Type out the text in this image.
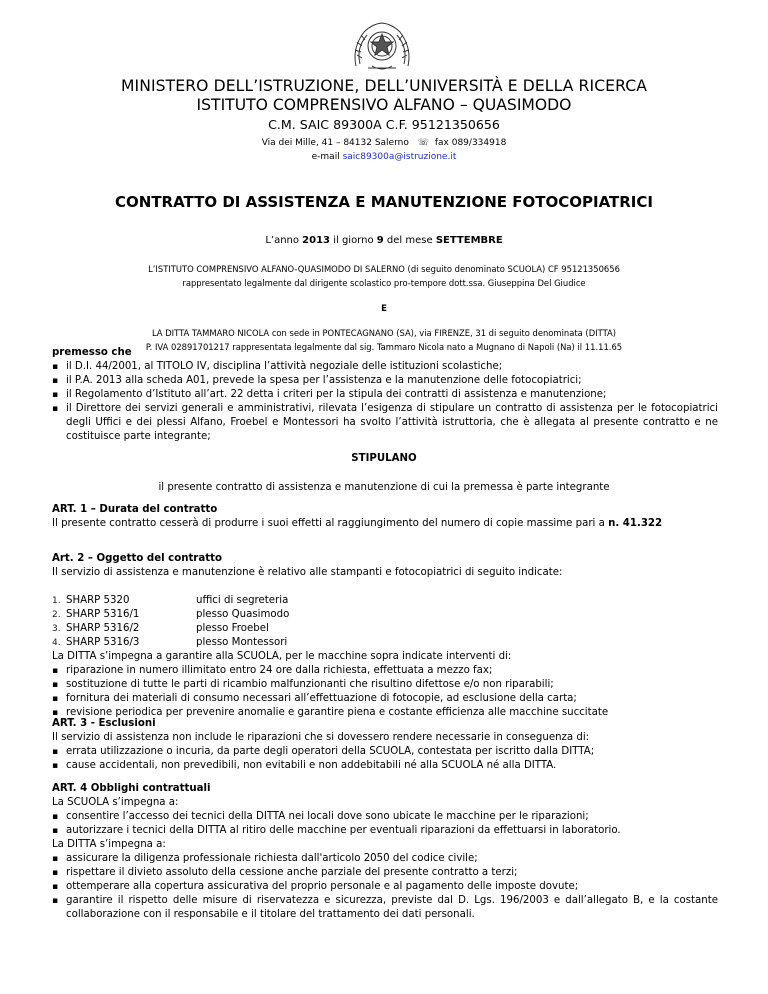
MINISTERO DELL’ISTRUZIONE, DELL’UNIVERSITÀ E DELLA RICERCA
ISTITUTO COMPRENSIVO ALFANO – QUASIMODO
C.M. SAIC 89300A C.F. 95121350656
Via dei Mille, 41 – 84132 Salerno ☏ fax 089/334918
e-mail saic89300a@istruzione.it
CONTRATTO DI ASSISTENZA E MANUTENZIONE FOTOCOPIATRICI
L’anno 2013 il giorno 9 del mese SETTEMBRE
L’ISTITUTO COMPRENSIVO ALFANO-QUASIMODO DI SALERNO (di seguito denominato SCUOLA) CF 95121350656
rappresentato legalmente dal dirigente scolastico pro-tempore dott.ssa. Giuseppina Del Giudice
E
LA DITTA TAMMARO NICOLA con sede in PONTECAGNANO (SA), via FIRENZE, 31 di seguito denominata (DITTA)
P. IVA 02891701217 rappresentata legalmente dal sig. Tammaro Nicola nato a Mugnano di Napoli (Na) il 11.11.65
premesso che
▪ il D.I. 44/2001, al TITOLO IV, disciplina l’attività negoziale delle istituzioni scolastiche;
▪ il P.A. 2013 alla scheda A01, prevede la spesa per l’assistenza e la manutenzione delle fotocopiatrici;
▪ il Regolamento d’Istituto all’art. 22 detta i criteri per la stipula dei contratti di assistenza e manutenzione;
▪ il Direttore dei servizi generali e amministrativi, rilevata l’esigenza di stipulare un contratto di assistenza per le fotocopiatrici degli Uffici e dei plessi Alfano, Froebel e Montessori ha svolto l’attività istruttoria, che è allegata al presente contratto e ne costituisce parte integrante;
STIPULANO
il presente contratto di assistenza e manutenzione di cui la premessa è parte integrante
ART. 1 – Durata del contratto
Il presente contratto cesserà di produrre i suoi effetti al raggiungimento del numero di copie massime pari a n. 41.322
Art. 2 – Oggetto del contratto
Il servizio di assistenza e manutenzione è relativo alle stampanti e fotocopiatrici di seguito indicate:
1. SHARP 5320	uffici di segreteria
2. SHARP 5316/1	plesso Quasimodo
3. SHARP 5316/2	plesso Froebel
4. SHARP 5316/3	plesso Montessori
La DITTA s’impegna a garantire alla SCUOLA, per le macchine sopra indicate interventi di:
▪ riparazione in numero illimitato entro 24 ore dalla richiesta, effettuata a mezzo fax;
▪ sostituzione di tutte le parti di ricambio malfunzionanti che risultino difettose e/o non riparabili;
▪ fornitura dei materiali di consumo necessari all’effettuazione di fotocopie, ad esclusione della carta;
▪ revisione periodica per prevenire anomalie e garantire piena e costante efficienza alle macchine succitate
ART. 3 - Esclusioni
Il servizio di assistenza non include le riparazioni che si dovessero rendere necessarie in conseguenza di:
▪ errata utilizzazione o incuria, da parte degli operatori della SCUOLA, contestata per iscritto dalla DITTA;
▪ cause accidentali, non prevedibili, non evitabili e non addebitabili né alla SCUOLA né alla DITTA.
ART. 4 Obblighi contrattuali
La SCUOLA s’impegna a:
▪ consentire l’accesso dei tecnici della DITTA nei locali dove sono ubicate le macchine per le riparazioni;
▪ autorizzare i tecnici della DITTA al ritiro delle macchine per eventuali riparazioni da effettuarsi in laboratorio.
La DITTA s’impegna a:
▪ assicurare la diligenza professionale richiesta dall'articolo 2050 del codice civile;
▪ rispettare il divieto assoluto della cessione anche parziale del presente contratto a terzi;
▪ ottemperare alla copertura assicurativa del proprio personale e al pagamento delle imposte dovute;
▪ garantire il rispetto delle misure di riservatezza e sicurezza, previste dal D. Lgs. 196/2003 e dall’allegato B, e la costante collaborazione con il responsabile e il titolare del trattamento dei dati personali.
